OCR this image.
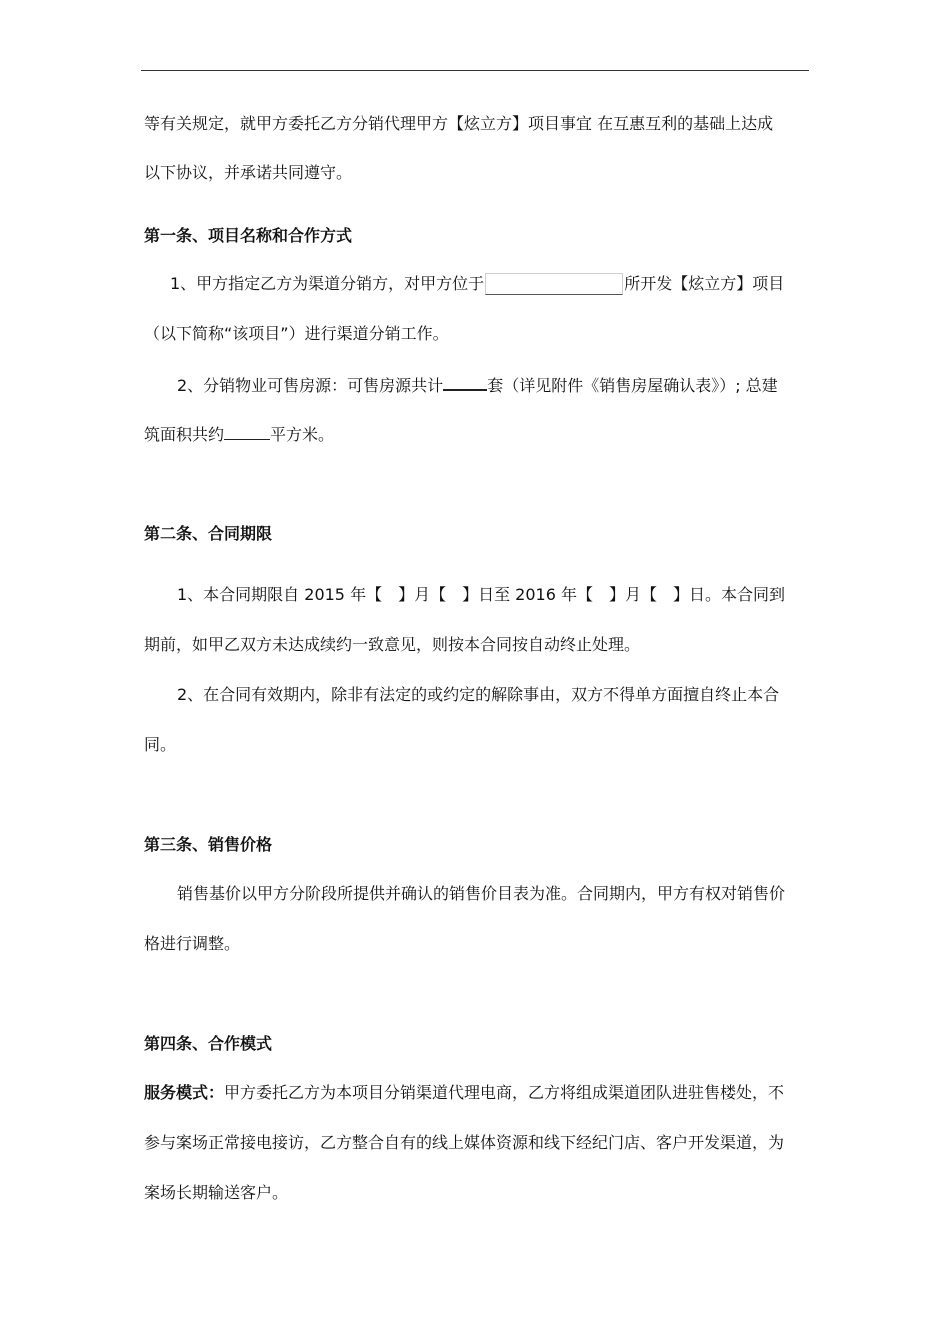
等有关规定，就甲方委托乙方分销代理甲方【炫立方】项目事宜 在互惠互利的基础上达成
以下协议，并承诺共同遵守。
第一条、项目名称和合作方式
1、甲方指定乙方为渠道分销方，对甲方位于	所开发【炫立方】项目
（以下简称“该项目”）进行渠道分销工作。
2、分销物业可售房源：可售房源共计	套（详见附件《销售房屋确认表》）; 总建
筑面积共约	平方米。
第二条、合同期限
1、本合同期限自 2015 年【　】月【　】日至 2016 年【　】月【　】日。本合同到
期前，如甲乙双方未达成续约一致意见，则按本合同按自动终止处理。
2、在合同有效期内，除非有法定的或约定的解除事由，双方不得单方面擅自终止本合
同。
第三条、销售价格
销售基价以甲方分阶段所提供并确认的销售价目表为准。合同期内，甲方有权对销售价
格进行调整。
第四条、合作模式
服务模式：甲方委托乙方为本项目分销渠道代理电商，乙方将组成渠道团队进驻售楼处，不
参与案场正常接电接访，乙方整合自有的线上媒体资源和线下经纪门店、客户开发渠道，为
案场长期输送客户。
